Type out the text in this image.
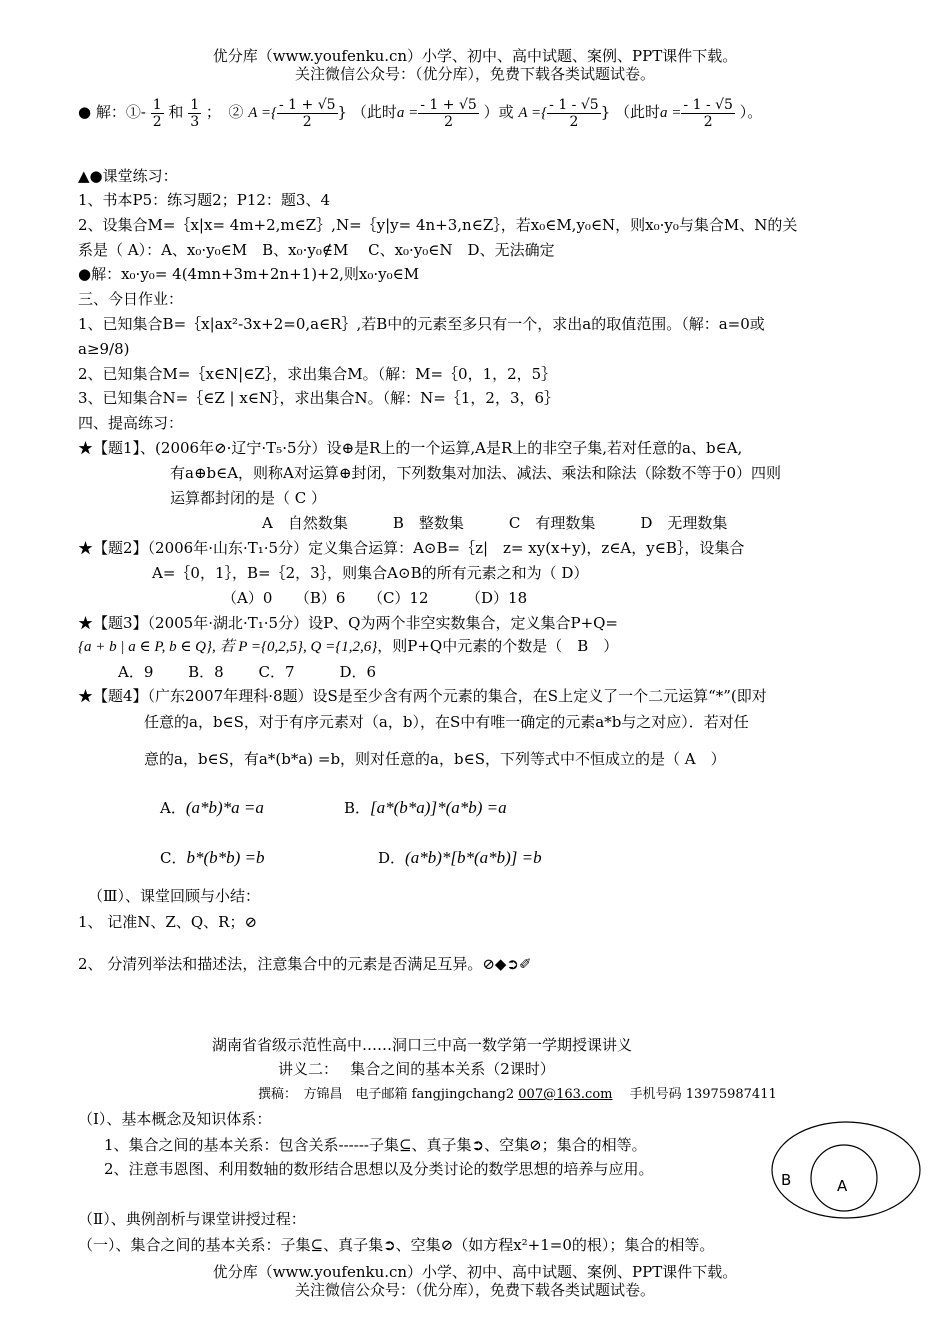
优分库（www.youfenku.cn）小学、初中、高中试题、案例、PPT课件下载。
关注微信公众号：（优分库），免费下载各类试题试卷。
● 解：①- $\frac{1}{2}$ 和 $\frac{1}{3}$ ；　② A ={ $\frac{- 1 + √5}{2}$ } （此时$a = \frac{- 1 + √5}{2}$ ）或 A ={ $\frac{- 1 - √5}{2}$ } （此时$a = \frac{- 1 - √5}{2}$ ）。
▲●课堂练习：
1、书本P5：练习题2；P12：题3、4
2、设集合M=｛x|x= 4m+2,m∈Z｝,N=｛y|y= 4n+3,n∈Z｝，若x₀∈M,y₀∈N，则x₀·y₀与集合M、N的关
系是（ A）：A、x₀·y₀∈M　B、x₀·y₀∉M　 C、x₀·y₀∈N　D、无法确定
●解：x₀·y₀= 4(4mn+3m+2n+1)+2,则x₀·y₀∈M
三、今日作业：
1、已知集合B=｛x|ax²-3x+2=0,a∈R｝,若B中的元素至多只有一个，求出a的取值范围。（解：a=0或
a≥9/8)
2、已知集合M=｛x∈N|∈Z｝，求出集合M。（解：M=｛0，1，2，5｝
3、已知集合N=｛∈Z | x∈N｝，求出集合N。（解：N=｛1，2，3，6｝
四、提高练习：
★【题1】、(2006年⊘·辽宁·T₅·5分）设⊕是R上的一个运算,A是R上的非空子集,若对任意的a、b∈A,
有a⊕b∈A，则称A对运算⊕封闭，下列数集对加法、减法、乘法和除法（除数不等于0）四则
运算都封闭的是（ C ）
A　自然数集　　　B　整数集　　　C　有理数集　　　D　无理数集
★【题2】（2006年·山东·T₁·5分）定义集合运算：A⊙B=｛z|　z= xy(x+y)，z∈A，y∈B｝，设集合
A=｛0，1｝，B=｛2，3｝，则集合A⊙B的所有元素之和为（ D）
（A）0　　（B）6　　（C）12　　　（D）18
★【题3】（2005年·湖北·T₁·5分）设P、Q为两个非空实数集合，定义集合P+Q=
{a + b | a ∈ P, b ∈ Q}, 若 P ={0,2,5}, Q ={1,2,6}，则P+Q中元素的个数是（　B　）
A．9　　 B．8　　 C．7　　　D．6
★【题4】（广东2007年理科·8题）设S是至少含有两个元素的集合，在S上定义了一个二元运算“*”(即对
任意的a，b∈S，对于有序元素对（a，b），在S中有唯一确定的元素a*b与之对应）．若对任
意的a，b∈S，有a*(b*a) =b，则对任意的a，b∈S，下列等式中不恒成立的是（ A　）
A．(a*b)*a =a	B．[a*(b*a)]*(a*b) =a
C．b*(b*b) =b	D．(a*b)*[b*(a*b)] =b
（Ⅲ）、课堂回顾与小结：
1、 记准N、Z、Q、R；⊘
2、 分清列举法和描述法，注意集合中的元素是否满足互异。⊘◆➲✐
湖南省省级示范性高中……洞口三中高一数学第一学期授课讲义
讲义二：　 集合之间的基本关系（2课时）
撰稿：　方锦昌　电子邮箱 fangjingchang2 007@163.com　 手机号码 13975987411
（Ⅰ）、基本概念及知识体系：
1、集合之间的基本关系：包含关系------子集⊆、真子集➲、空集⊘；集合的相等。
2、注意韦恩图、利用数轴的数形结合思想以及分类讨论的数学思想的培养与应用。
B	A
（Ⅱ）、典例剖析与课堂讲授过程：
（一）、集合之间的基本关系：子集⊆、真子集➲、空集⊘（如方程x²+1=0的根）；集合的相等。
优分库（www.youfenku.cn）小学、初中、高中试题、案例、PPT课件下载。
关注微信公众号：（优分库），免费下载各类试题试卷。
